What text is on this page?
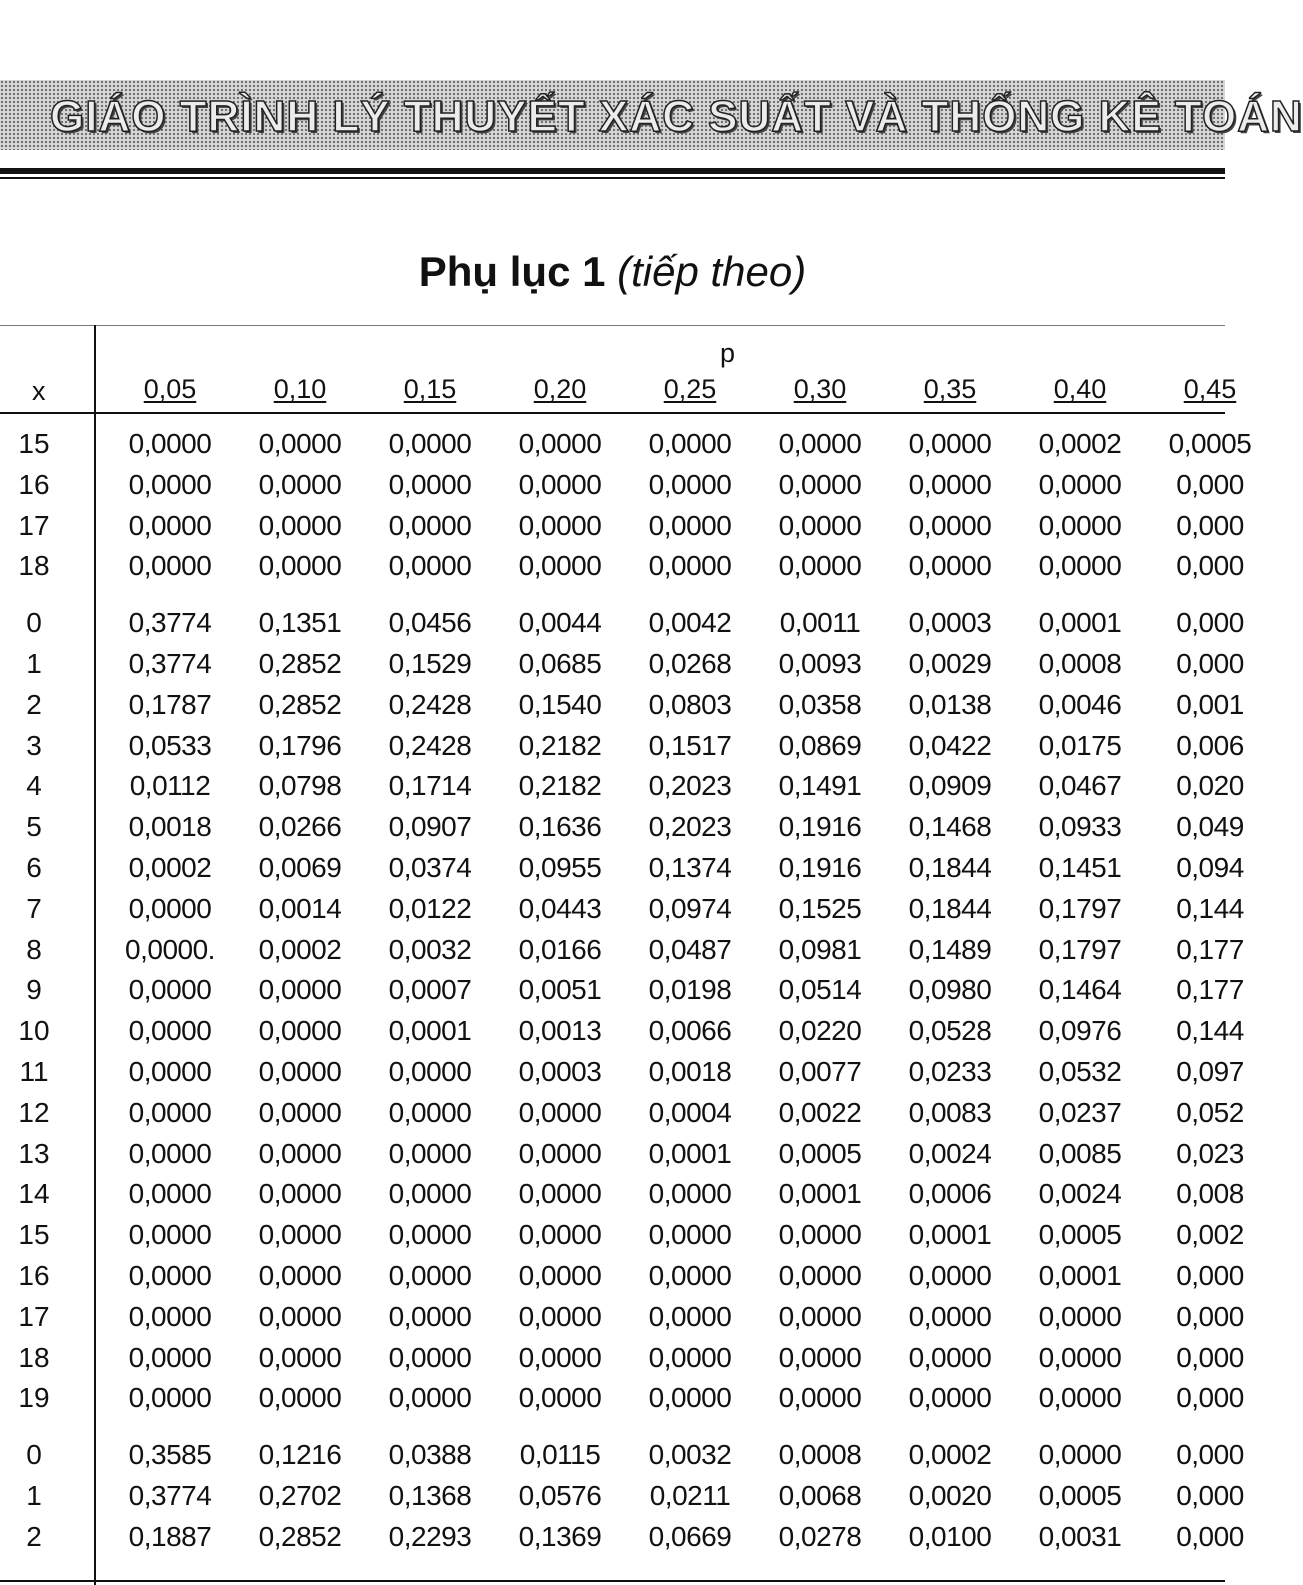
GIÁO TRÌNH LÝ THUYẾT XÁC SUẤT VÀ THỐNG KÊ TOÁN
Phụ lục 1 (tiếp theo)
p
x	0,05	0,10	0,15	0,20	0,25	0,30	0,35	0,40	0,45
15	0,0000	0,0000	0,0000	0,0000	0,0000	0,0000	0,0000	0,0002	0,0005
16	0,0000	0,0000	0,0000	0,0000	0,0000	0,0000	0,0000	0,0000	0,000
17	0,0000	0,0000	0,0000	0,0000	0,0000	0,0000	0,0000	0,0000	0,000
18	0,0000	0,0000	0,0000	0,0000	0,0000	0,0000	0,0000	0,0000	0,000
0	0,3774	0,1351	0,0456	0,0044	0,0042	0,0011	0,0003	0,0001	0,000
1	0,3774	0,2852	0,1529	0,0685	0,0268	0,0093	0,0029	0,0008	0,000
2	0,1787	0,2852	0,2428	0,1540	0,0803	0,0358	0,0138	0,0046	0,001
3	0,0533	0,1796	0,2428	0,2182	0,1517	0,0869	0,0422	0,0175	0,006
4	0,0112	0,0798	0,1714	0,2182	0,2023	0,1491	0,0909	0,0467	0,020
5	0,0018	0,0266	0,0907	0,1636	0,2023	0,1916	0,1468	0,0933	0,049
6	0,0002	0,0069	0,0374	0,0955	0,1374	0,1916	0,1844	0,1451	0,094
7	0,0000	0,0014	0,0122	0,0443	0,0974	0,1525	0,1844	0,1797	0,144
8	0,0000.	0,0002	0,0032	0,0166	0,0487	0,0981	0,1489	0,1797	0,177
9	0,0000	0,0000	0,0007	0,0051	0,0198	0,0514	0,0980	0,1464	0,177
10	0,0000	0,0000	0,0001	0,0013	0,0066	0,0220	0,0528	0,0976	0,144
11	0,0000	0,0000	0,0000	0,0003	0,0018	0,0077	0,0233	0,0532	0,097
12	0,0000	0,0000	0,0000	0,0000	0,0004	0,0022	0,0083	0,0237	0,052
13	0,0000	0,0000	0,0000	0,0000	0,0001	0,0005	0,0024	0,0085	0,023
14	0,0000	0,0000	0,0000	0,0000	0,0000	0,0001	0,0006	0,0024	0,008
15	0,0000	0,0000	0,0000	0,0000	0,0000	0,0000	0,0001	0,0005	0,002
16	0,0000	0,0000	0,0000	0,0000	0,0000	0,0000	0,0000	0,0001	0,000
17	0,0000	0,0000	0,0000	0,0000	0,0000	0,0000	0,0000	0,0000	0,000
18	0,0000	0,0000	0,0000	0,0000	0,0000	0,0000	0,0000	0,0000	0,000
19	0,0000	0,0000	0,0000	0,0000	0,0000	0,0000	0,0000	0,0000	0,000
0	0,3585	0,1216	0,0388	0,0115	0,0032	0,0008	0,0002	0,0000	0,000
1	0,3774	0,2702	0,1368	0,0576	0,0211	0,0068	0,0020	0,0005	0,000
2	0,1887	0,2852	0,2293	0,1369	0,0669	0,0278	0,0100	0,0031	0,000
